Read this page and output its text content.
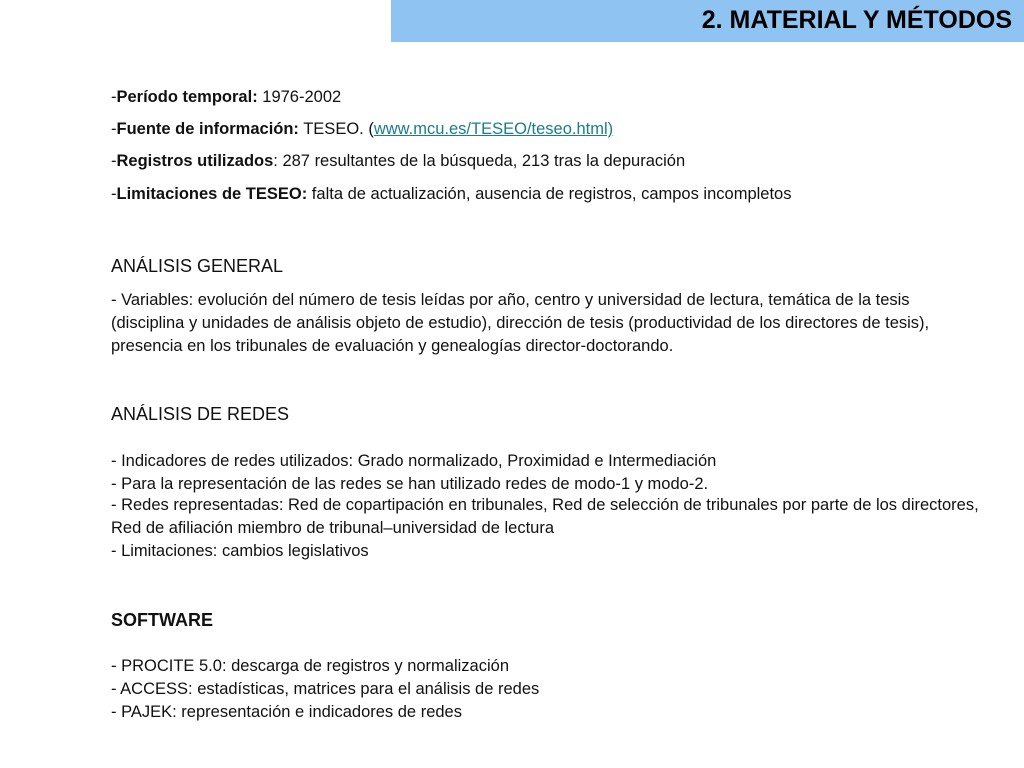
2. MATERIAL Y MÉTODOS
-Período temporal: 1976-2002
-Fuente de información: TESEO. (www.mcu.es/TESEO/teseo.html)
-Registros utilizados: 287 resultantes de la búsqueda, 213 tras la depuración
-Limitaciones de TESEO: falta de actualización, ausencia de registros, campos incompletos
ANÁLISIS GENERAL
- Variables: evolución del número de tesis leídas por año, centro y universidad de lectura, temática de la tesis (disciplina y unidades de análisis objeto de estudio), dirección de tesis (productividad de los directores de tesis), presencia en los tribunales de evaluación y genealogías director-doctorando.
ANÁLISIS DE REDES
- Indicadores de redes utilizados: Grado normalizado, Proximidad e Intermediación
- Para la representación de las redes se han utilizado redes de modo-1 y modo-2.
- Redes representadas: Red de copartipación en tribunales, Red de selección de tribunales por parte de los directores, Red de afiliación miembro de tribunal–universidad de lectura
- Limitaciones: cambios legislativos
SOFTWARE
- PROCITE 5.0: descarga de registros y normalización
- ACCESS: estadísticas, matrices para el análisis de redes
- PAJEK: representación e indicadores de redes
